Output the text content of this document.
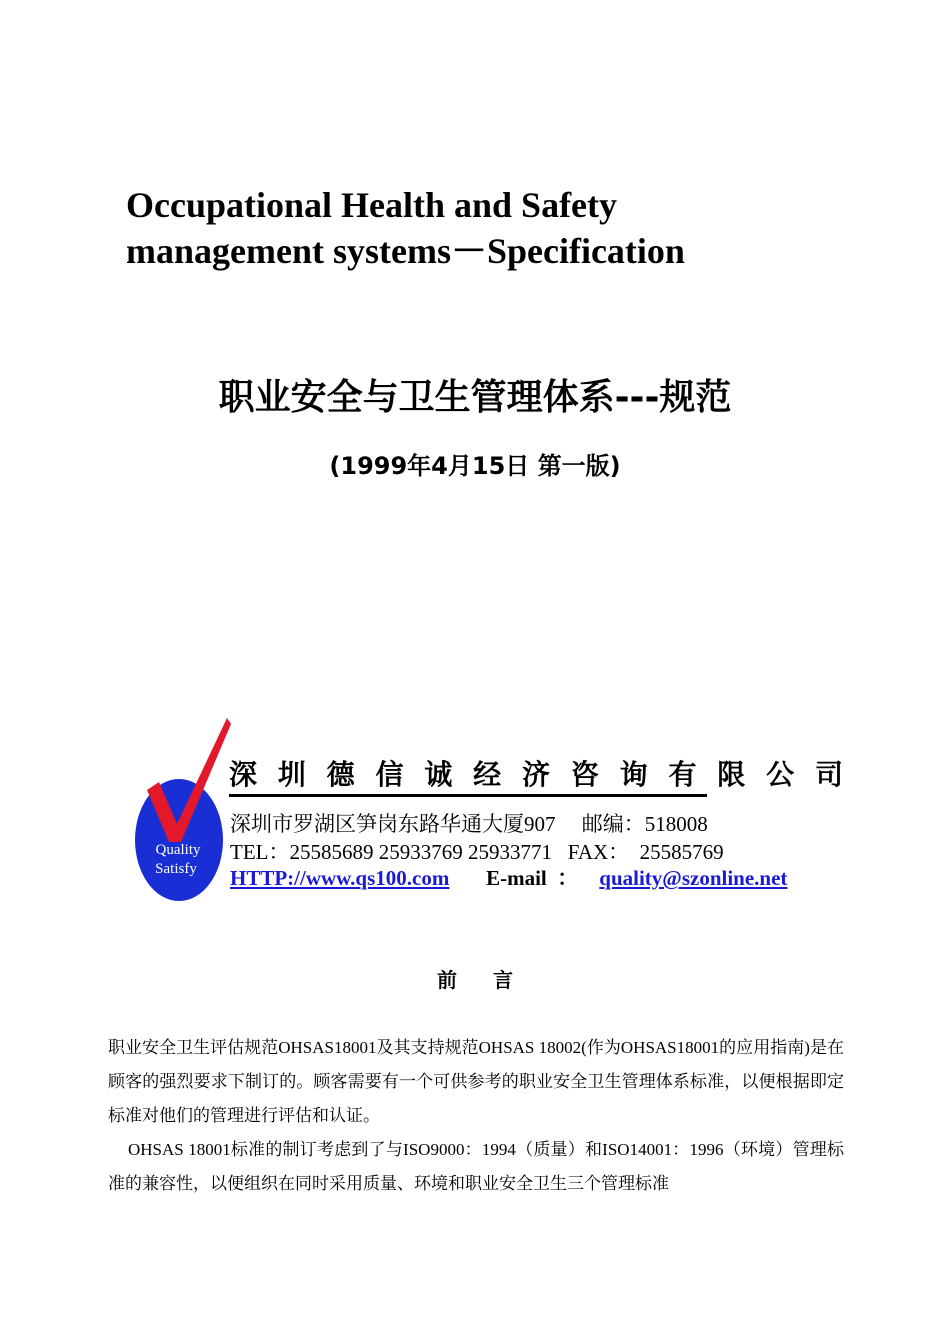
Occupational Health and Safety
management systems－Specification
职业安全与卫生管理体系---规范
(1999年4月15日 第一版)
Quality
Satisfy
深 圳 德 信 诚 经 济 咨 询 有 限 公 司
深圳市罗湖区笋岗东路华通大厦907     邮编：518008
TEL：25585689 25933769 25933771   FAX：  25585769
HTTP://www.qs100.com E-mail  ： quality@szonline.net
前 言

职业安全卫生评估规范OHSAS18001及其支持规范OHSAS 18002(作为OHSAS18001的应用指南)是在顾客的强烈要求下制订的。顾客需要有一个可供参考的职业安全卫生管理体系标准，以便根据即定标准对他们的管理进行评估和认证。

OHSAS 18001标准的制订考虑到了与ISO9000：1994（质量）和ISO14001：1996（环境）管理标准的兼容性，以便组织在同时采用质量、环境和职业安全卫生三个管理标准
